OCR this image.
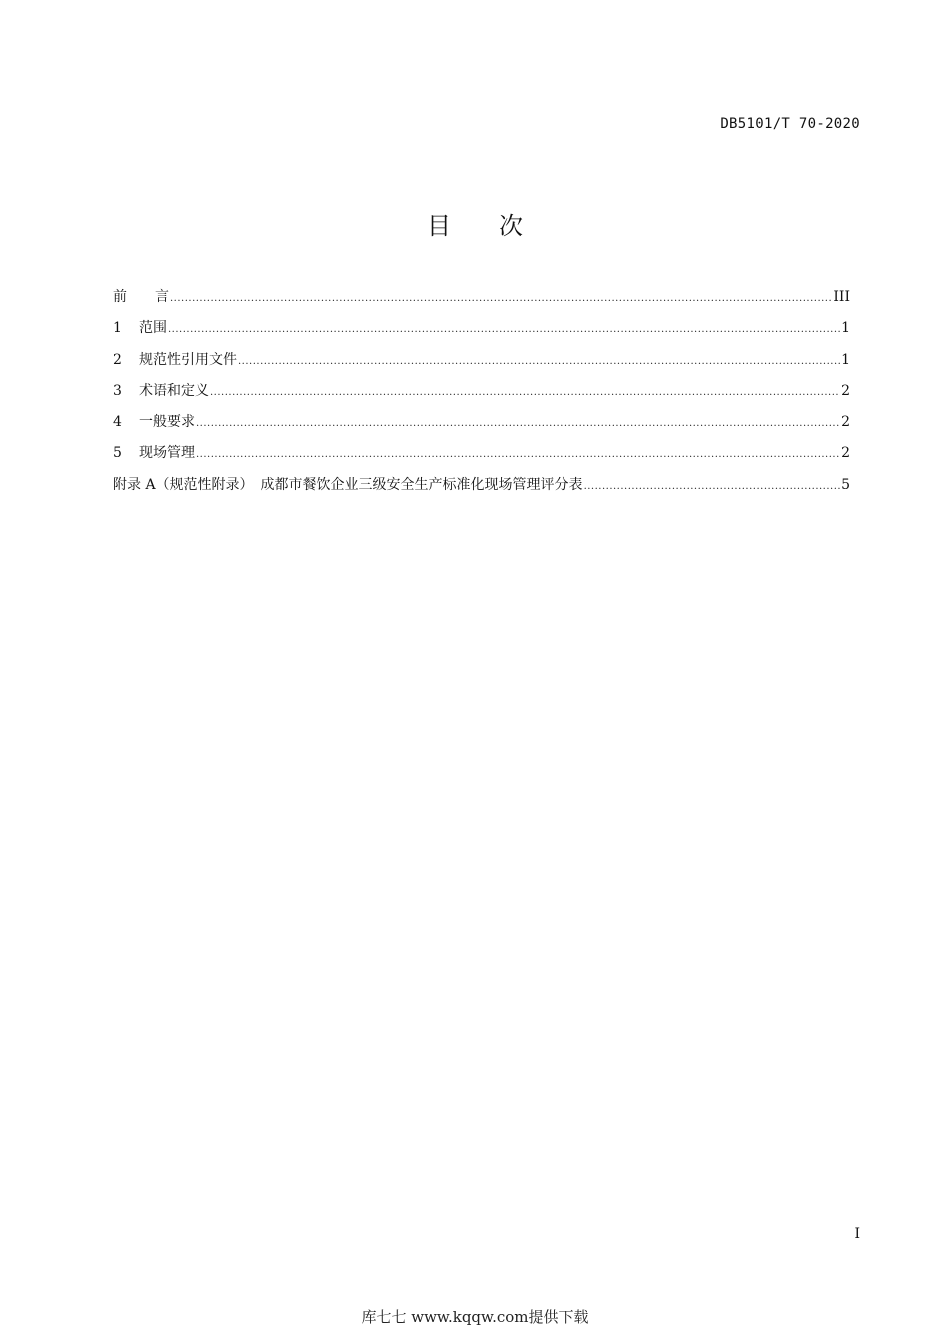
DB5101/T 70-2020
目 次
前　　言 .....	III
1	范围 .....	1
2	规范性引用文件 .....	1
3	术语和定义 .....	2
4	一般要求 .....	2
5	现场管理 .....	2
附录 A（规范性附录）　成都市餐饮企业三级安全生产标准化现场管理评分表 .....	5
I
库七七 www.kqqw.com提供下载
